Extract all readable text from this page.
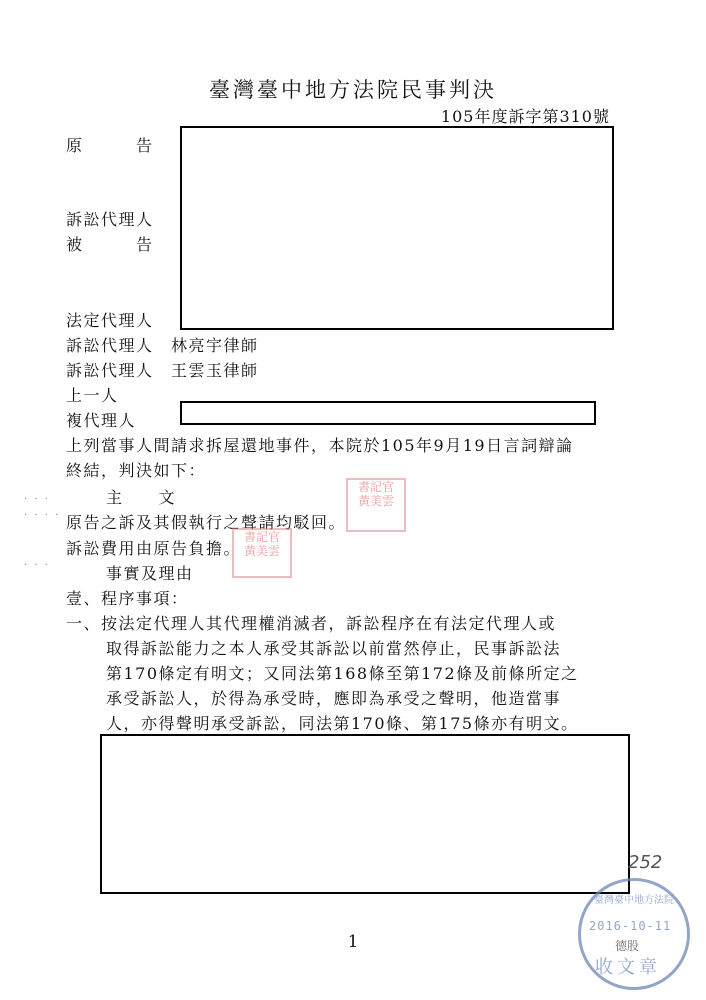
臺灣臺中地方法院民事判決
105年度訴字第310號
原　　　告
訴訟代理人
被　　　告
法定代理人
訴訟代理人　林亮宇律師
訴訟代理人　王雲玉律師
上一人
複代理人
上列當事人間請求拆屋還地事件，本院於105年9月19日言詞辯論
終結，判決如下：
主　　文
原告之訴及其假執行之聲請均駁回。
訴訟費用由原告負擔。
事實及理由
壹、程序事項：
一、按法定代理人其代理權消滅者，訴訟程序在有法定代理人或
取得訴訟能力之本人承受其訴訟以前當然停止，民事訴訟法
第170條定有明文；又同法第168條至第172條及前條所定之
承受訴訟人，於得為承受時，應即為承受之聲明，他造當事
人，亦得聲明承受訴訟，同法第170條、第175條亦有明文。
書記官
黃美雲
書記官
黃美雲
· · ·
· · · ·
· · ·
252
臺灣臺中地方法院
2016-10-11
德股
收文章
1
